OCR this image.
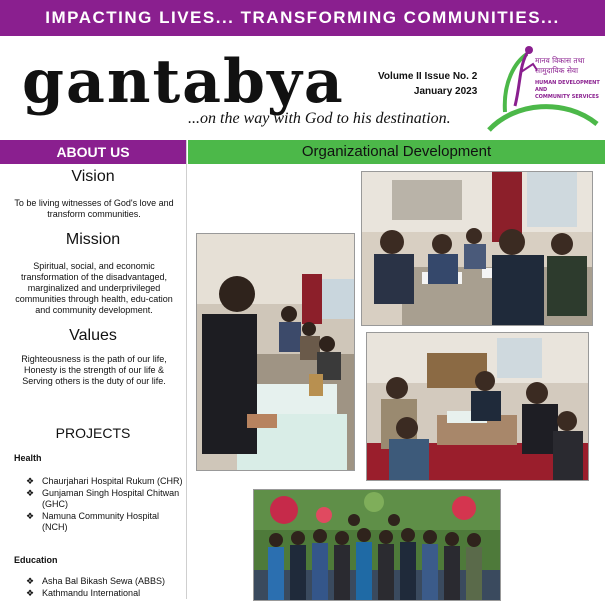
IMPACTING LIVES... TRANSFORMING COMMUNITIES...
gantabya
...on the way with God to his destination.
Volume II Issue No. 2
January 2023
मानव विकास तथा
सामुदायिक सेवा
HUMAN DEVELOPMENT AND
COMMUNITY SERVICES
ABOUT US
Vision
To be living witnesses of God's love and transform communities.
Mission
Spiritual, social, and economic transformation of the disadvantaged, marginalized and underprivileged communities through health, edu-cation and community development.
Values
Righteousness is the path of our life, Honesty is the strength of our life & Serving others is the duty of our life.
PROJECTS
Health
❖ Chaurjahari Hospital Rukum (CHR)
❖ Gunjaman Singh Hospital Chitwan (GHC)
❖ Namuna Community Hospital (NCH)
Education
❖ Asha Bal Bikash Sewa (ABBS)
❖ Kathmandu International
Organizational Development
